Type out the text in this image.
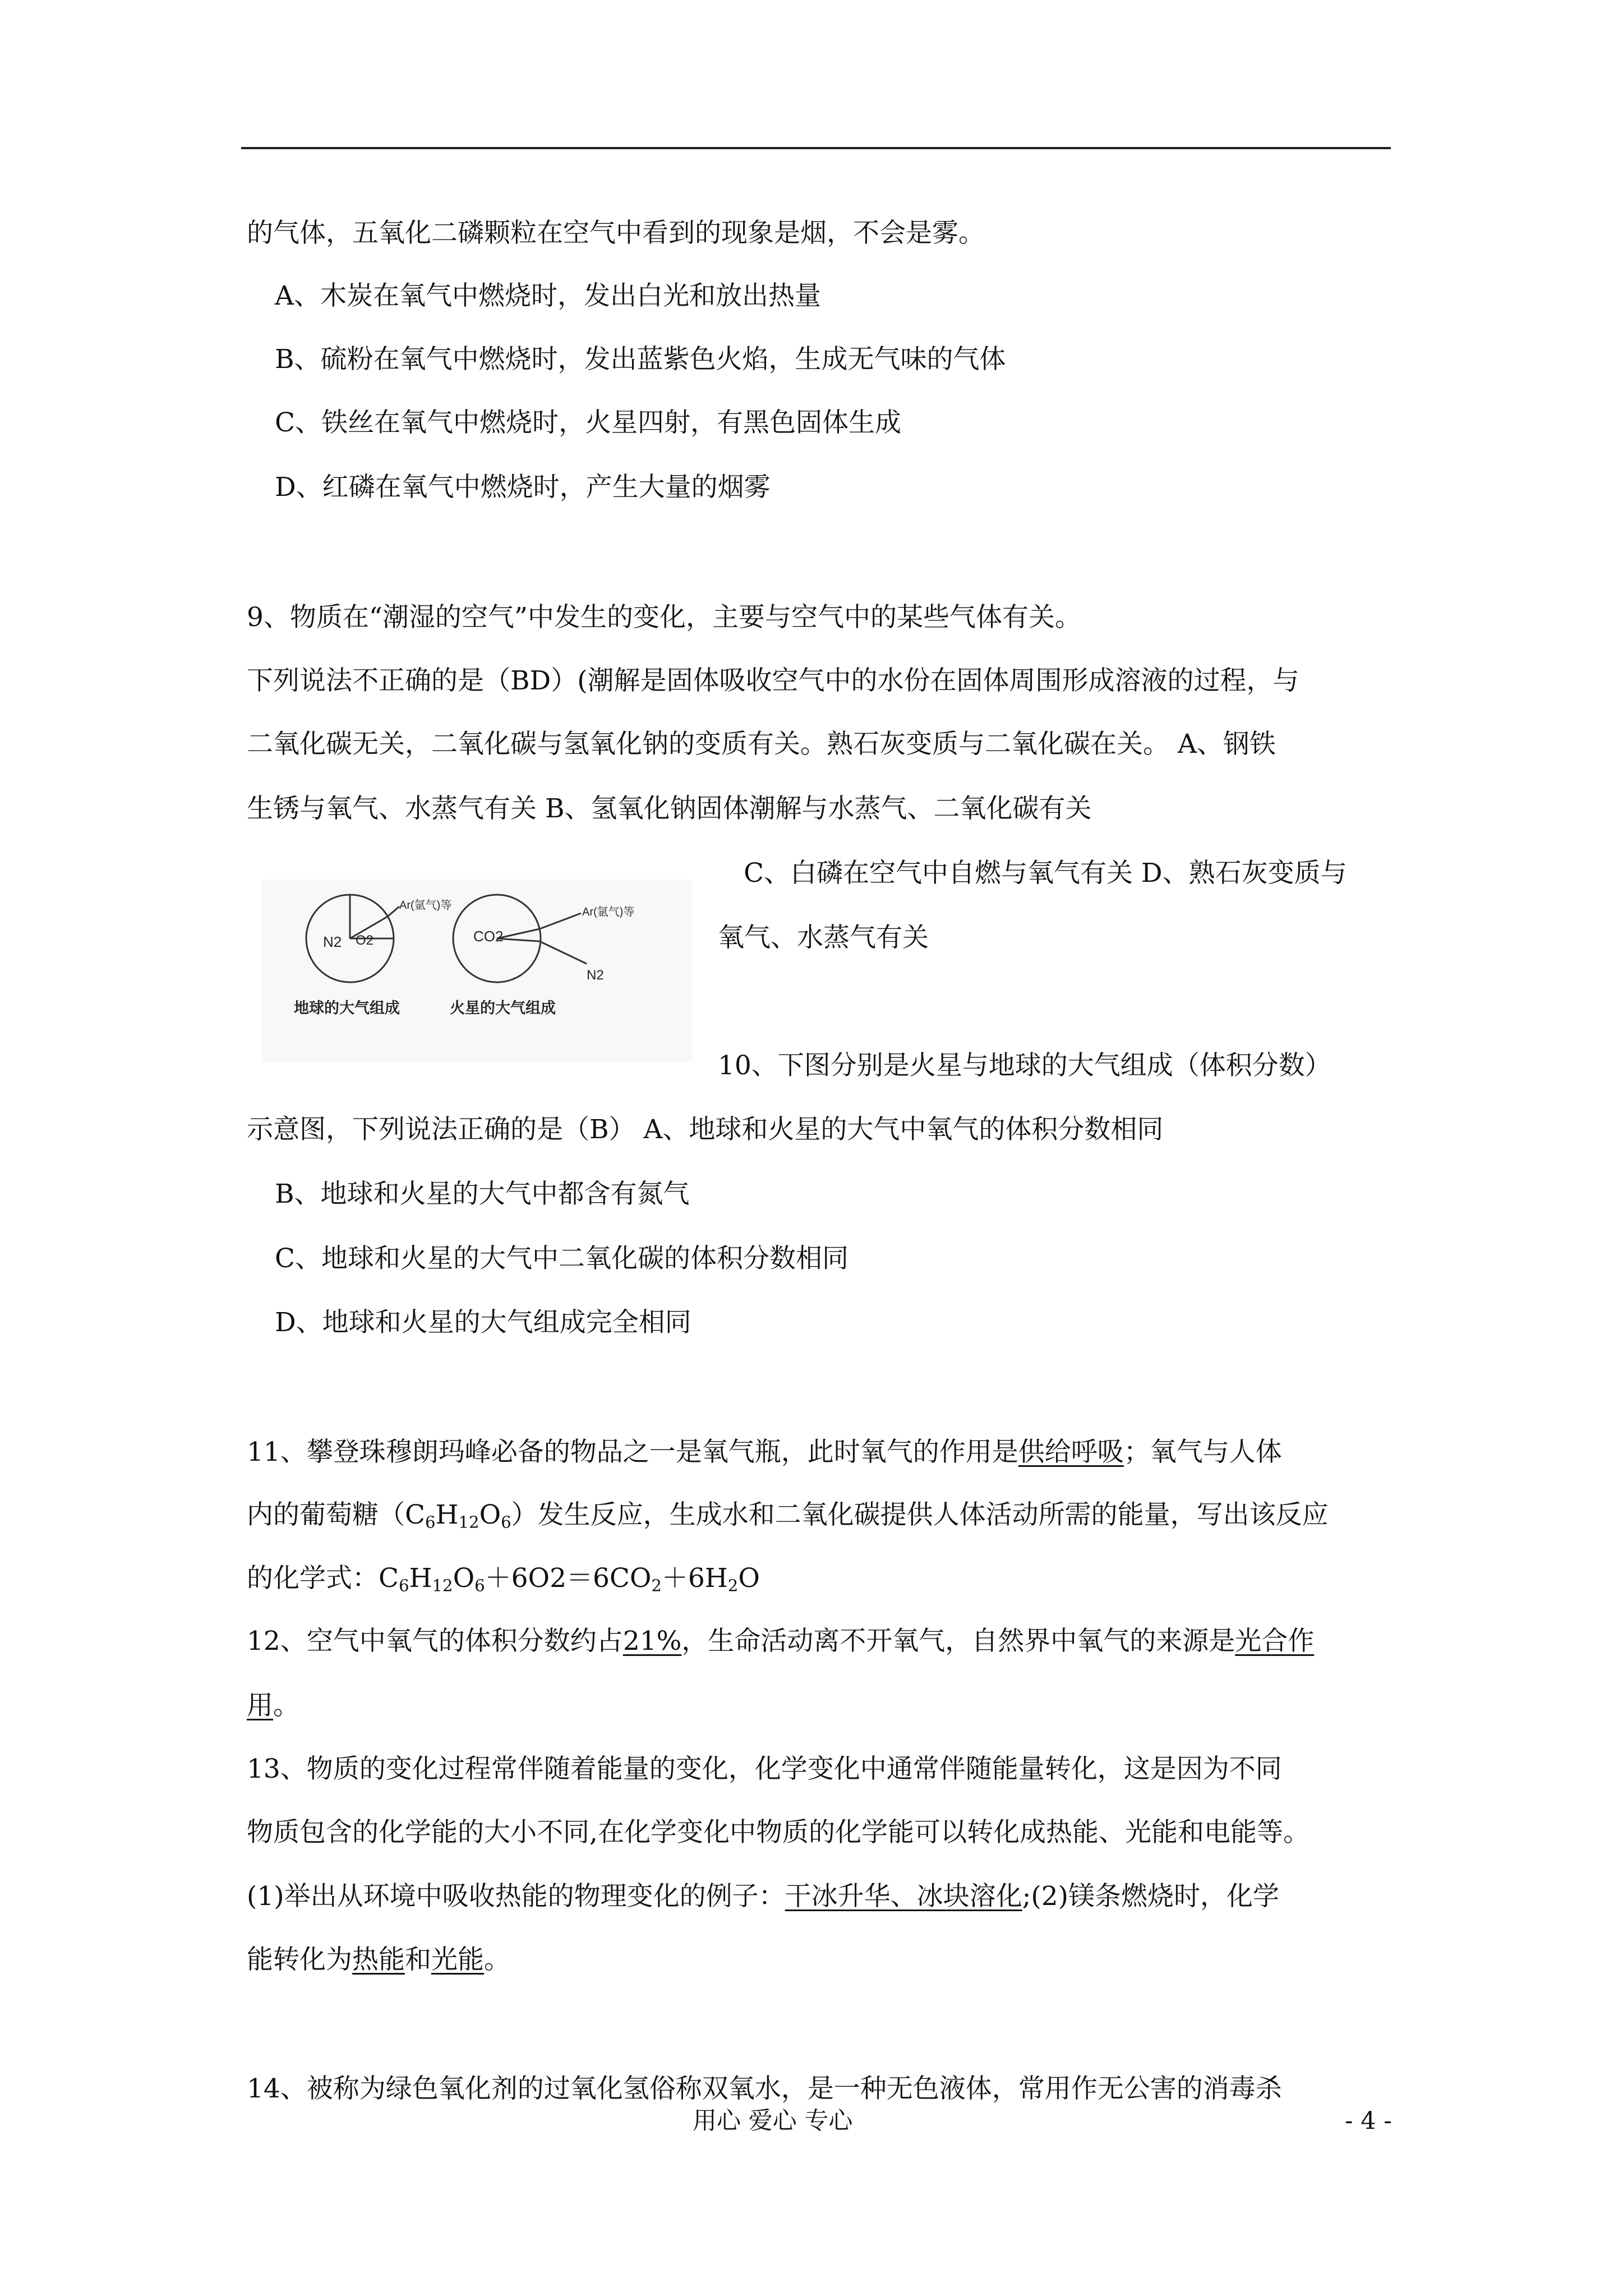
的气体，五氧化二磷颗粒在空气中看到的现象是烟，不会是雾。
A、木炭在氧气中燃烧时，发出白光和放出热量
B、硫粉在氧气中燃烧时，发出蓝紫色火焰，生成无气味的气体
C、铁丝在氧气中燃烧时，火星四射，有黑色固体生成
D、红磷在氧气中燃烧时，产生大量的烟雾
9、物质在“潮湿的空气”中发生的变化，主要与空气中的某些气体有关。
下列说法不正确的是（BD）(潮解是固体吸收空气中的水份在固体周围形成溶液的过程，与
二氧化碳无关，二氧化碳与氢氧化钠的变质有关。熟石灰变质与二氧化碳在关。 A、钢铁
生锈与氧气、水蒸气有关 B、氢氧化钠固体潮解与水蒸气、二氧化碳有关
C、白磷在空气中自燃与氧气有关 D、熟石灰变质与
氧气、水蒸气有关
N2 O2
Ar(氩气)等
地球的大气组成
CO2
Ar(氩气)等
N2
火星的大气组成
10、下图分别是火星与地球的大气组成（体积分数）
示意图，下列说法正确的是（B） A、地球和火星的大气中氧气的体积分数相同
B、地球和火星的大气中都含有氮气
C、地球和火星的大气中二氧化碳的体积分数相同
D、地球和火星的大气组成完全相同
11、攀登珠穆朗玛峰必备的物品之一是氧气瓶，此时氧气的作用是供给呼吸；氧气与人体
内的葡萄糖$(C_6H_{12}O_6)$发生反应，生成水和二氧化碳提供人体活动所需的能量，写出该反应
的化学式：$C_6H_{12}O_6+6O2=6CO_2+6H_2O$
12、空气中氧气的体积分数约占21%，生命活动离不开氧气，自然界中氧气的来源是光合作
用。
13、物质的变化过程常伴随着能量的变化，化学变化中通常伴随能量转化，这是因为不同
物质包含的化学能的大小不同,在化学变化中物质的化学能可以转化成热能、光能和电能等。
(1)举出从环境中吸收热能的物理变化的例子：干冰升华、冰块溶化;(2)镁条燃烧时，化学
能转化为热能和光能。
14、被称为绿色氧化剂的过氧化氢俗称双氧水，是一种无色液体，常用作无公害的消毒杀
用心 爱心 专心	- 4 -
